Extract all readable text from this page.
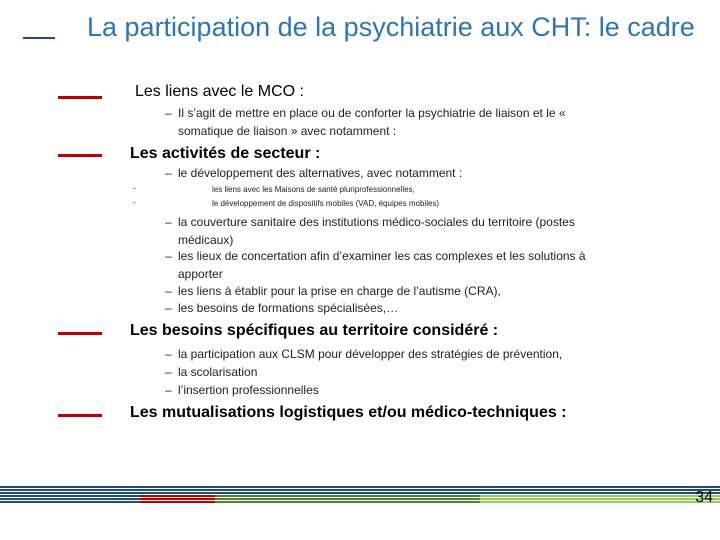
La participation de la psychiatrie aux CHT: le cadre
Les liens avec le MCO :
– Il s’agit de mettre en place ou de conforter la psychiatrie de liaison et le « somatique de liaison » avec notamment :
Les activités de secteur :
– le développement des alternatives, avec notamment :
-	les liens avec les Maisons de santé pluriprofessionnelles,
-	le développement de dispositifs mobiles (VAD, équipes mobiles)
– la couverture sanitaire des institutions médico-sociales du territoire (postes médicaux)
– les lieux de concertation afin d’examiner les cas complexes et les solutions à apporter
– les liens à établir pour la prise en charge de l’autisme (CRA),
– les besoins de formations spécialisées,…
Les besoins spécifiques au territoire considéré :
– la participation aux CLSM pour développer des stratégies de prévention,
– la scolarisation
– l’insertion professionnelles
Les mutualisations logistiques et/ou médico-techniques :
34
